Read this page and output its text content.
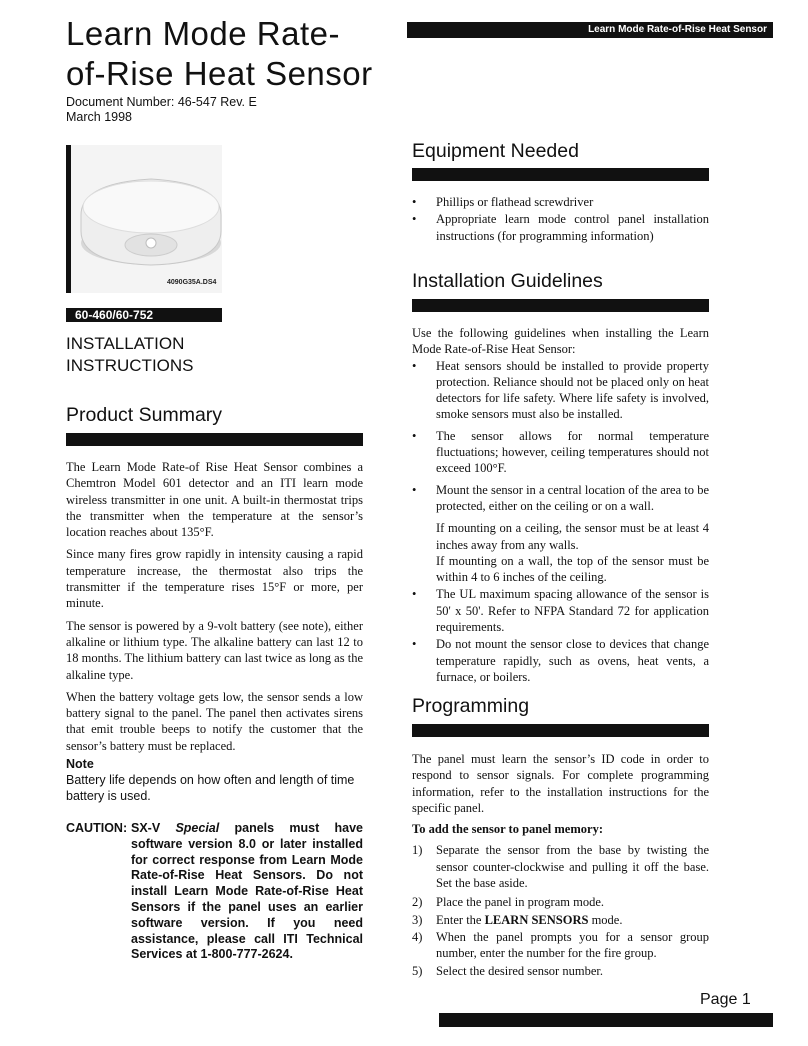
Learn Mode Rate-of-Rise Heat Sensor
Document Number: 46-547 Rev. E
March 1998
Learn Mode Rate-of-Rise Heat Sensor
4090G35A.DS4
60-460/60-752
INSTALLATION
INSTRUCTIONS
Product Summary

The Learn Mode Rate-of Rise Heat Sensor combines a Chemtron Model 601 detector and an ITI learn mode wireless transmitter in one unit. A built-in thermostat trips the transmitter when the temperature at the sensor’s location reaches about 135°F.

Since many fires grow rapidly in intensity causing a rapid temperature increase, the thermostat also trips the transmitter if the temperature rises 15°F or more, per minute.

The sensor is powered by a 9-volt battery (see note), either alkaline or lithium type. The alkaline battery can last 12 to 18 months. The lithium battery can last twice as long as the alkaline type.

When the battery voltage gets low, the sensor sends a low battery signal to the panel. The panel then activates sirens that emit trouble beeps to notify the customer that the sensor’s battery must be replaced.

Note
Battery life depends on how often and length of time battery is used.
CAUTION: SX-V Special panels must have software version 8.0 or later installed for correct response from Learn Mode Rate-of-Rise Heat Sensors. Do not install Learn Mode Rate-of-Rise Heat Sensors if the panel uses an earlier software version. If you need assistance, please call ITI Technical Services at 1-800-777-2624.
Equipment Needed
• Phillips or flathead screwdriver
• Appropriate learn mode control panel installation instructions (for programming information)
Installation Guidelines

Use the following guidelines when installing the Learn Mode Rate-of-Rise Heat Sensor:

• Heat sensors should be installed to provide property protection. Reliance should not be placed only on heat detectors for life safety. Where life safety is involved, smoke sensors must also be installed.
• The sensor allows for normal temperature fluctuations; however, ceiling temperatures should not exceed 100°F.
• Mount the sensor in a central location of the area to be protected, either on the ceiling or on a wall.
If mounting on a ceiling, the sensor must be at least 4 inches away from any walls.
If mounting on a wall, the top of the sensor must be within 4 to 6 inches of the ceiling.
• The UL maximum spacing allowance of the sensor is 50' x 50'. Refer to NFPA Standard 72 for application requirements.
• Do not mount the sensor close to devices that change temperature rapidly, such as ovens, heat vents, a furnace, or boilers.
Programming

The panel must learn the sensor’s ID code in order to respond to sensor signals. For complete programming information, refer to the installation instructions for the specific panel.

To add the sensor to panel memory:

1) Separate the sensor from the base by twisting the sensor counter-clockwise and pulling it off the base. Set the base aside.
2) Place the panel in program mode.
3) Enter the LEARN SENSORS mode.
4) When the panel prompts you for a sensor group number, enter the number for the fire group.
5) Select the desired sensor number.
Page 1
